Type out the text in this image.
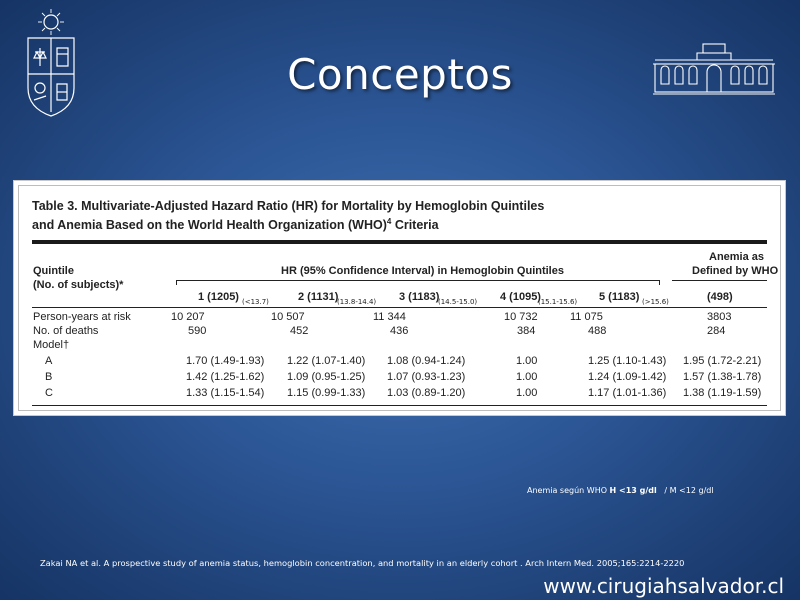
Conceptos
Table 3. Multivariate-Adjusted Hazard Ratio (HR) for Mortality by Hemoglobin Quintiles
and Anemia Based on the World Health Organization (WHO)$^4$ Criteria
Quintile
(No. of subjects)*
HR (95% Confidence Interval) in Hemoglobin Quintiles
Anemia as
Defined by WHO
1 (1205)	2 (1131)	3 (1183)	4 (1095)	5 (1183)	(498)
(<13.7)	(13.8-14.4)	(14.5-15.0)	(15.1-15.6)	(>15.6)
Person-years at risk	10 207	10 507	11 344	10 732	11 075	3803
No. of deaths	590	452	436	384	488	284
Model†
A	1.70 (1.49-1.93) 1.22 (1.07-1.40) 1.08 (0.94-1.24)	1.00	1.25 (1.10-1.43) 1.95 (1.72-2.21)
B	1.42 (1.25-1.62) 1.09 (0.95-1.25) 1.07 (0.93-1.23)	1.00	1.24 (1.09-1.42) 1.57 (1.38-1.78)
C	1.33 (1.15-1.54) 1.15 (0.99-1.33) 1.03 (0.89-1.20)	1.00	1.17 (1.01-1.36) 1.38 (1.19-1.59)
Anemia según WHO H <13 g/dl / M <12 g/dl
Zakai NA et al. A prospective study of anemia status, hemoglobin concentration, and mortality in an elderly cohort . Arch Intern Med. 2005;165:2214-2220
www.cirugiahsalvador.cl
